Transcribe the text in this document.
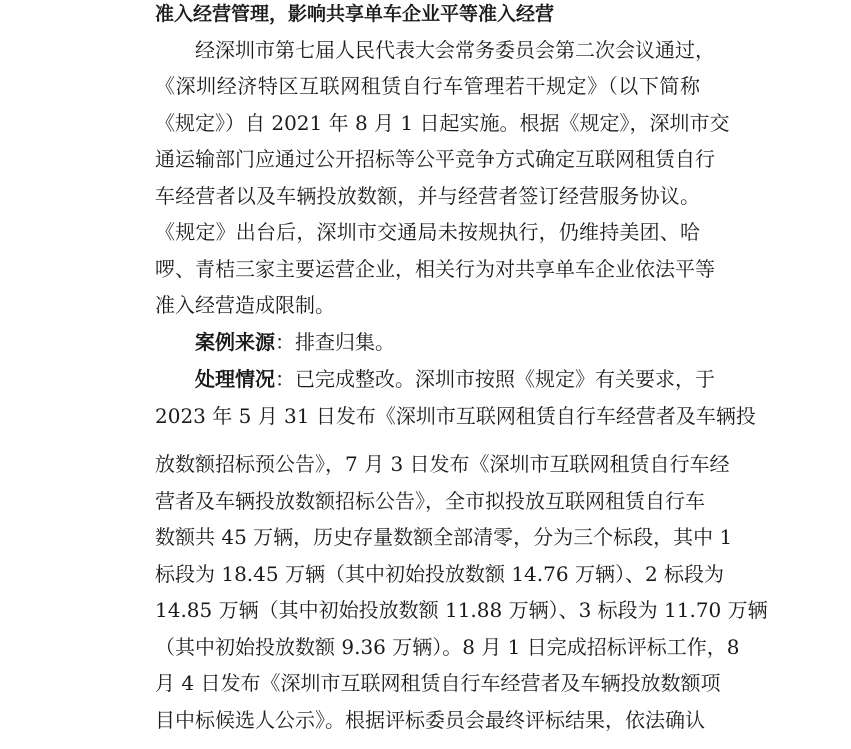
准入经营管理，影响共享单车企业平等准入经营
经深圳市第七届人民代表大会常务委员会第二次会议通过，
《深圳经济特区互联网租赁自行车管理若干规定》（以下简称
《规定》）自 2021 年 8 月 1 日起实施。根据《规定》，深圳市交
通运输部门应通过公开招标等公平竞争方式确定互联网租赁自行
车经营者以及车辆投放数额，并与经营者签订经营服务协议。
《规定》出台后，深圳市交通局未按规执行，仍维持美团、哈
啰、青桔三家主要运营企业，相关行为对共享单车企业依法平等
准入经营造成限制。
案例来源：排查归集。
处理情况：已完成整改。深圳市按照《规定》有关要求，于
2023 年 5 月 31 日发布《深圳市互联网租赁自行车经营者及车辆投
放数额招标预公告》，7 月 3 日发布《深圳市互联网租赁自行车经
营者及车辆投放数额招标公告》，全市拟投放互联网租赁自行车
数额共 45 万辆，历史存量数额全部清零，分为三个标段，其中 1
标段为 18.45 万辆（其中初始投放数额 14.76 万辆）、2 标段为
14.85 万辆（其中初始投放数额 11.88 万辆）、3 标段为 11.70 万辆
（其中初始投放数额 9.36 万辆）。8 月 1 日完成招标评标工作，8
月 4 日发布《深圳市互联网租赁自行车经营者及车辆投放数额项
目中标候选人公示》。根据评标委员会最终评标结果，依法确认
